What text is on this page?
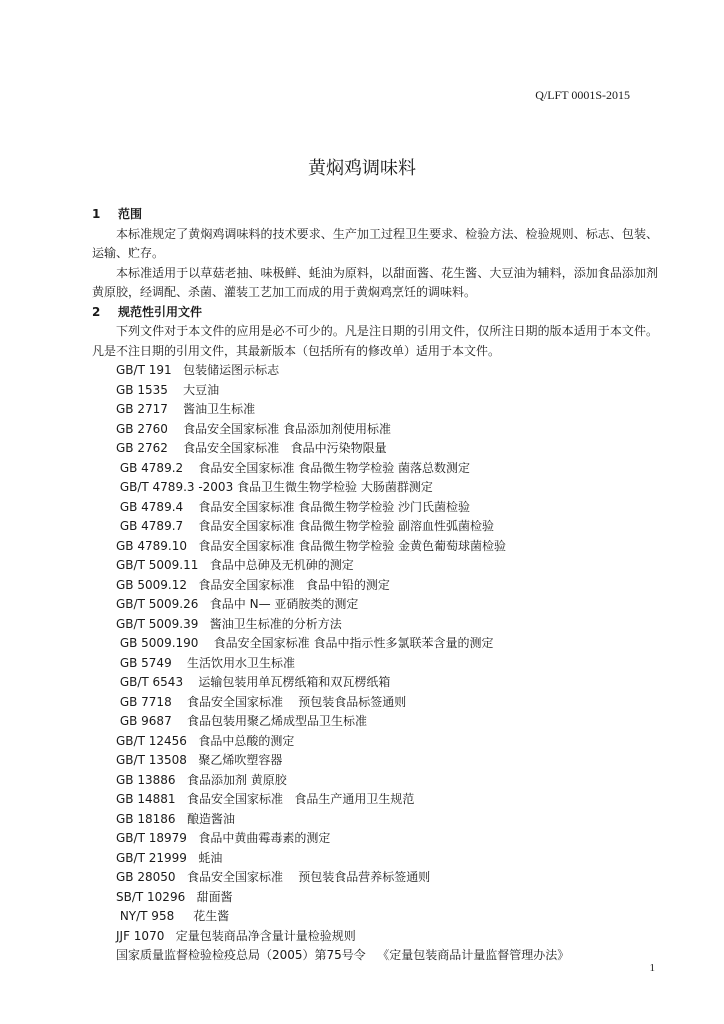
Q/LFT 0001S-2015
黄焖鸡调味料

1 范围

本标准规定了黄焖鸡调味料的技术要求、生产加工过程卫生要求、检验方法、检验规则、标志、包装、运输、贮存。

本标准适用于以草菇老抽、味极鲜、蚝油为原料，以甜面酱、花生酱、大豆油为辅料，添加食品添加剂黄原胶，经调配、杀菌、灌装工艺加工而成的用于黄焖鸡烹饪的调味料。

2 规范性引用文件

下列文件对于本文件的应用是必不可少的。凡是注日期的引用文件，仅所注日期的版本适用于本文件。凡是不注日期的引用文件，其最新版本（包括所有的修改单）适用于本文件。

GB/T 191   包装储运图示标志
GB 1535    大豆油
GB 2717    酱油卫生标准
GB 2760    食品安全国家标准 食品添加剂使用标准
GB 2762    食品安全国家标准   食品中污染物限量
GB 4789.2    食品安全国家标准 食品微生物学检验 菌落总数测定
GB/T 4789.3 -2003 食品卫生微生物学检验 大肠菌群测定
GB 4789.4    食品安全国家标准 食品微生物学检验 沙门氏菌检验
GB 4789.7    食品安全国家标准 食品微生物学检验 副溶血性弧菌检验
GB 4789.10   食品安全国家标准 食品微生物学检验 金黄色葡萄球菌检验
GB/T 5009.11   食品中总砷及无机砷的测定
GB 5009.12   食品安全国家标准   食品中铅的测定
GB/T 5009.26   食品中 N— 亚硝胺类的测定
GB/T 5009.39   酱油卫生标准的分析方法
GB 5009.190    食品安全国家标准 食品中指示性多氯联苯含量的测定
GB 5749    生活饮用水卫生标准
GB/T 6543    运输包装用单瓦楞纸箱和双瓦楞纸箱
GB 7718    食品安全国家标准    预包装食品标签通则
GB 9687    食品包装用聚乙烯成型品卫生标准
GB/T 12456   食品中总酸的测定
GB/T 13508   聚乙烯吹塑容器
GB 13886   食品添加剂 黄原胶
GB 14881   食品安全国家标准   食品生产通用卫生规范
GB 18186   酿造酱油
GB/T 18979   食品中黄曲霉毒素的测定
GB/T 21999   蚝油
GB 28050   食品安全国家标准    预包装食品营养标签通则
SB/T 10296   甜面酱
NY/T 958     花生酱
JJF 1070   定量包装商品净含量计量检验规则
国家质量监督检验检疫总局（2005）第75号令   《定量包装商品计量监督管理办法》
1
